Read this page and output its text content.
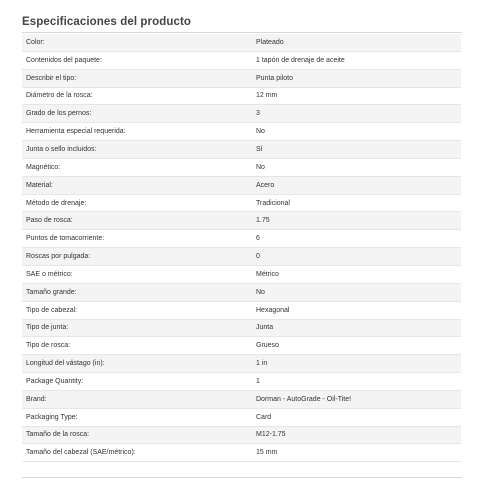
Especificaciones del producto
Color:	Plateado
Contenidos del paquete:	1 tapón de drenaje de aceite
Describir el tipo:	Punta piloto
Diámetro de la rosca:	12 mm
Grado de los pernos:	3
Herramienta especial requerida:	No
Junta o sello incluidos:	Sí
Magnético:	No
Material:	Acero
Método de drenaje:	Tradicional
Paso de rosca:	1.75
Puntos de tomacorriente:	6
Roscas por pulgada:	0
SAE o métrico:	Métrico
Tamaño grande:	No
Tipo de cabezal:	Hexagonal
Tipo de junta:	Junta
Tipo de rosca:	Grueso
Longitud del vástago (in):	1 in
Package Quantity:	1
Brand:	Dorman - AutoGrade - Oil-Tite!
Packaging Type:	Card
Tamaño de la rosca:	M12-1.75
Tamaño del cabezal (SAE/métrico):	15 mm
